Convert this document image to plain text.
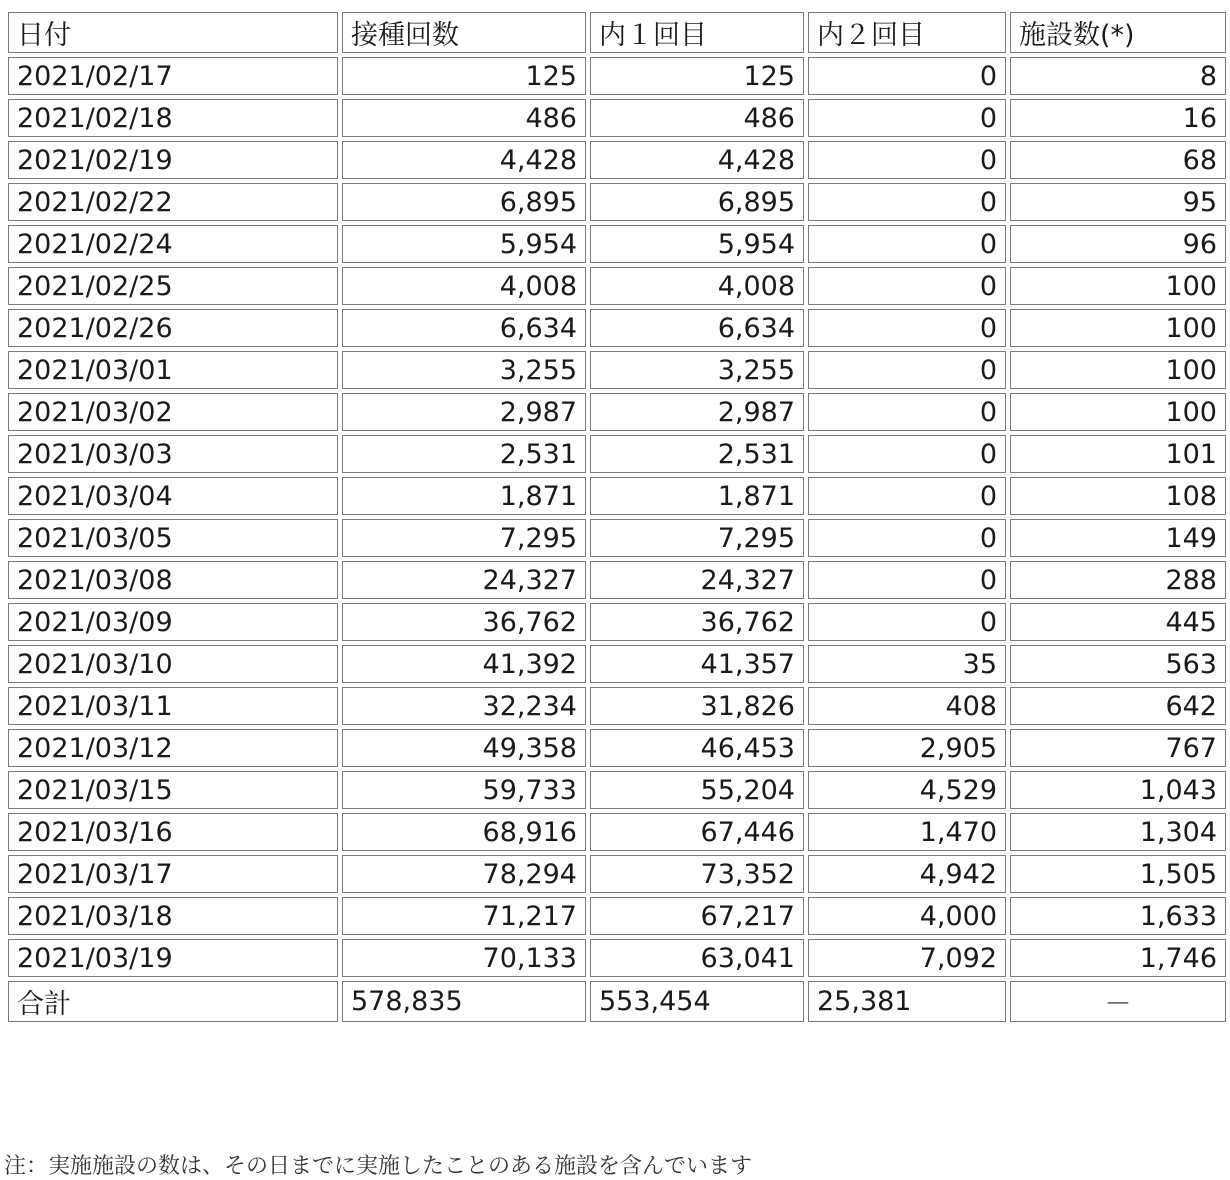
日付	接種回数	内１回目	内２回目	施設数(*)
2021/02/17	125	125	0	8
2021/02/18	486	486	0	16
2021/02/19	4,428	4,428	0	68
2021/02/22	6,895	6,895	0	95
2021/02/24	5,954	5,954	0	96
2021/02/25	4,008	4,008	0	100
2021/02/26	6,634	6,634	0	100
2021/03/01	3,255	3,255	0	100
2021/03/02	2,987	2,987	0	100
2021/03/03	2,531	2,531	0	101
2021/03/04	1,871	1,871	0	108
2021/03/05	7,295	7,295	0	149
2021/03/08	24,327	24,327	0	288
2021/03/09	36,762	36,762	0	445
2021/03/10	41,392	41,357	35	563
2021/03/11	32,234	31,826	408	642
2021/03/12	49,358	46,453	2,905	767
2021/03/15	59,733	55,204	4,529	1,043
2021/03/16	68,916	67,446	1,470	1,304
2021/03/17	78,294	73,352	4,942	1,505
2021/03/18	71,217	67,217	4,000	1,633
2021/03/19	70,133	63,041	7,092	1,746
合計	578,835	553,454	25,381	－
注：実施施設の数は、その日までに実施したことのある施設を含んでいます
